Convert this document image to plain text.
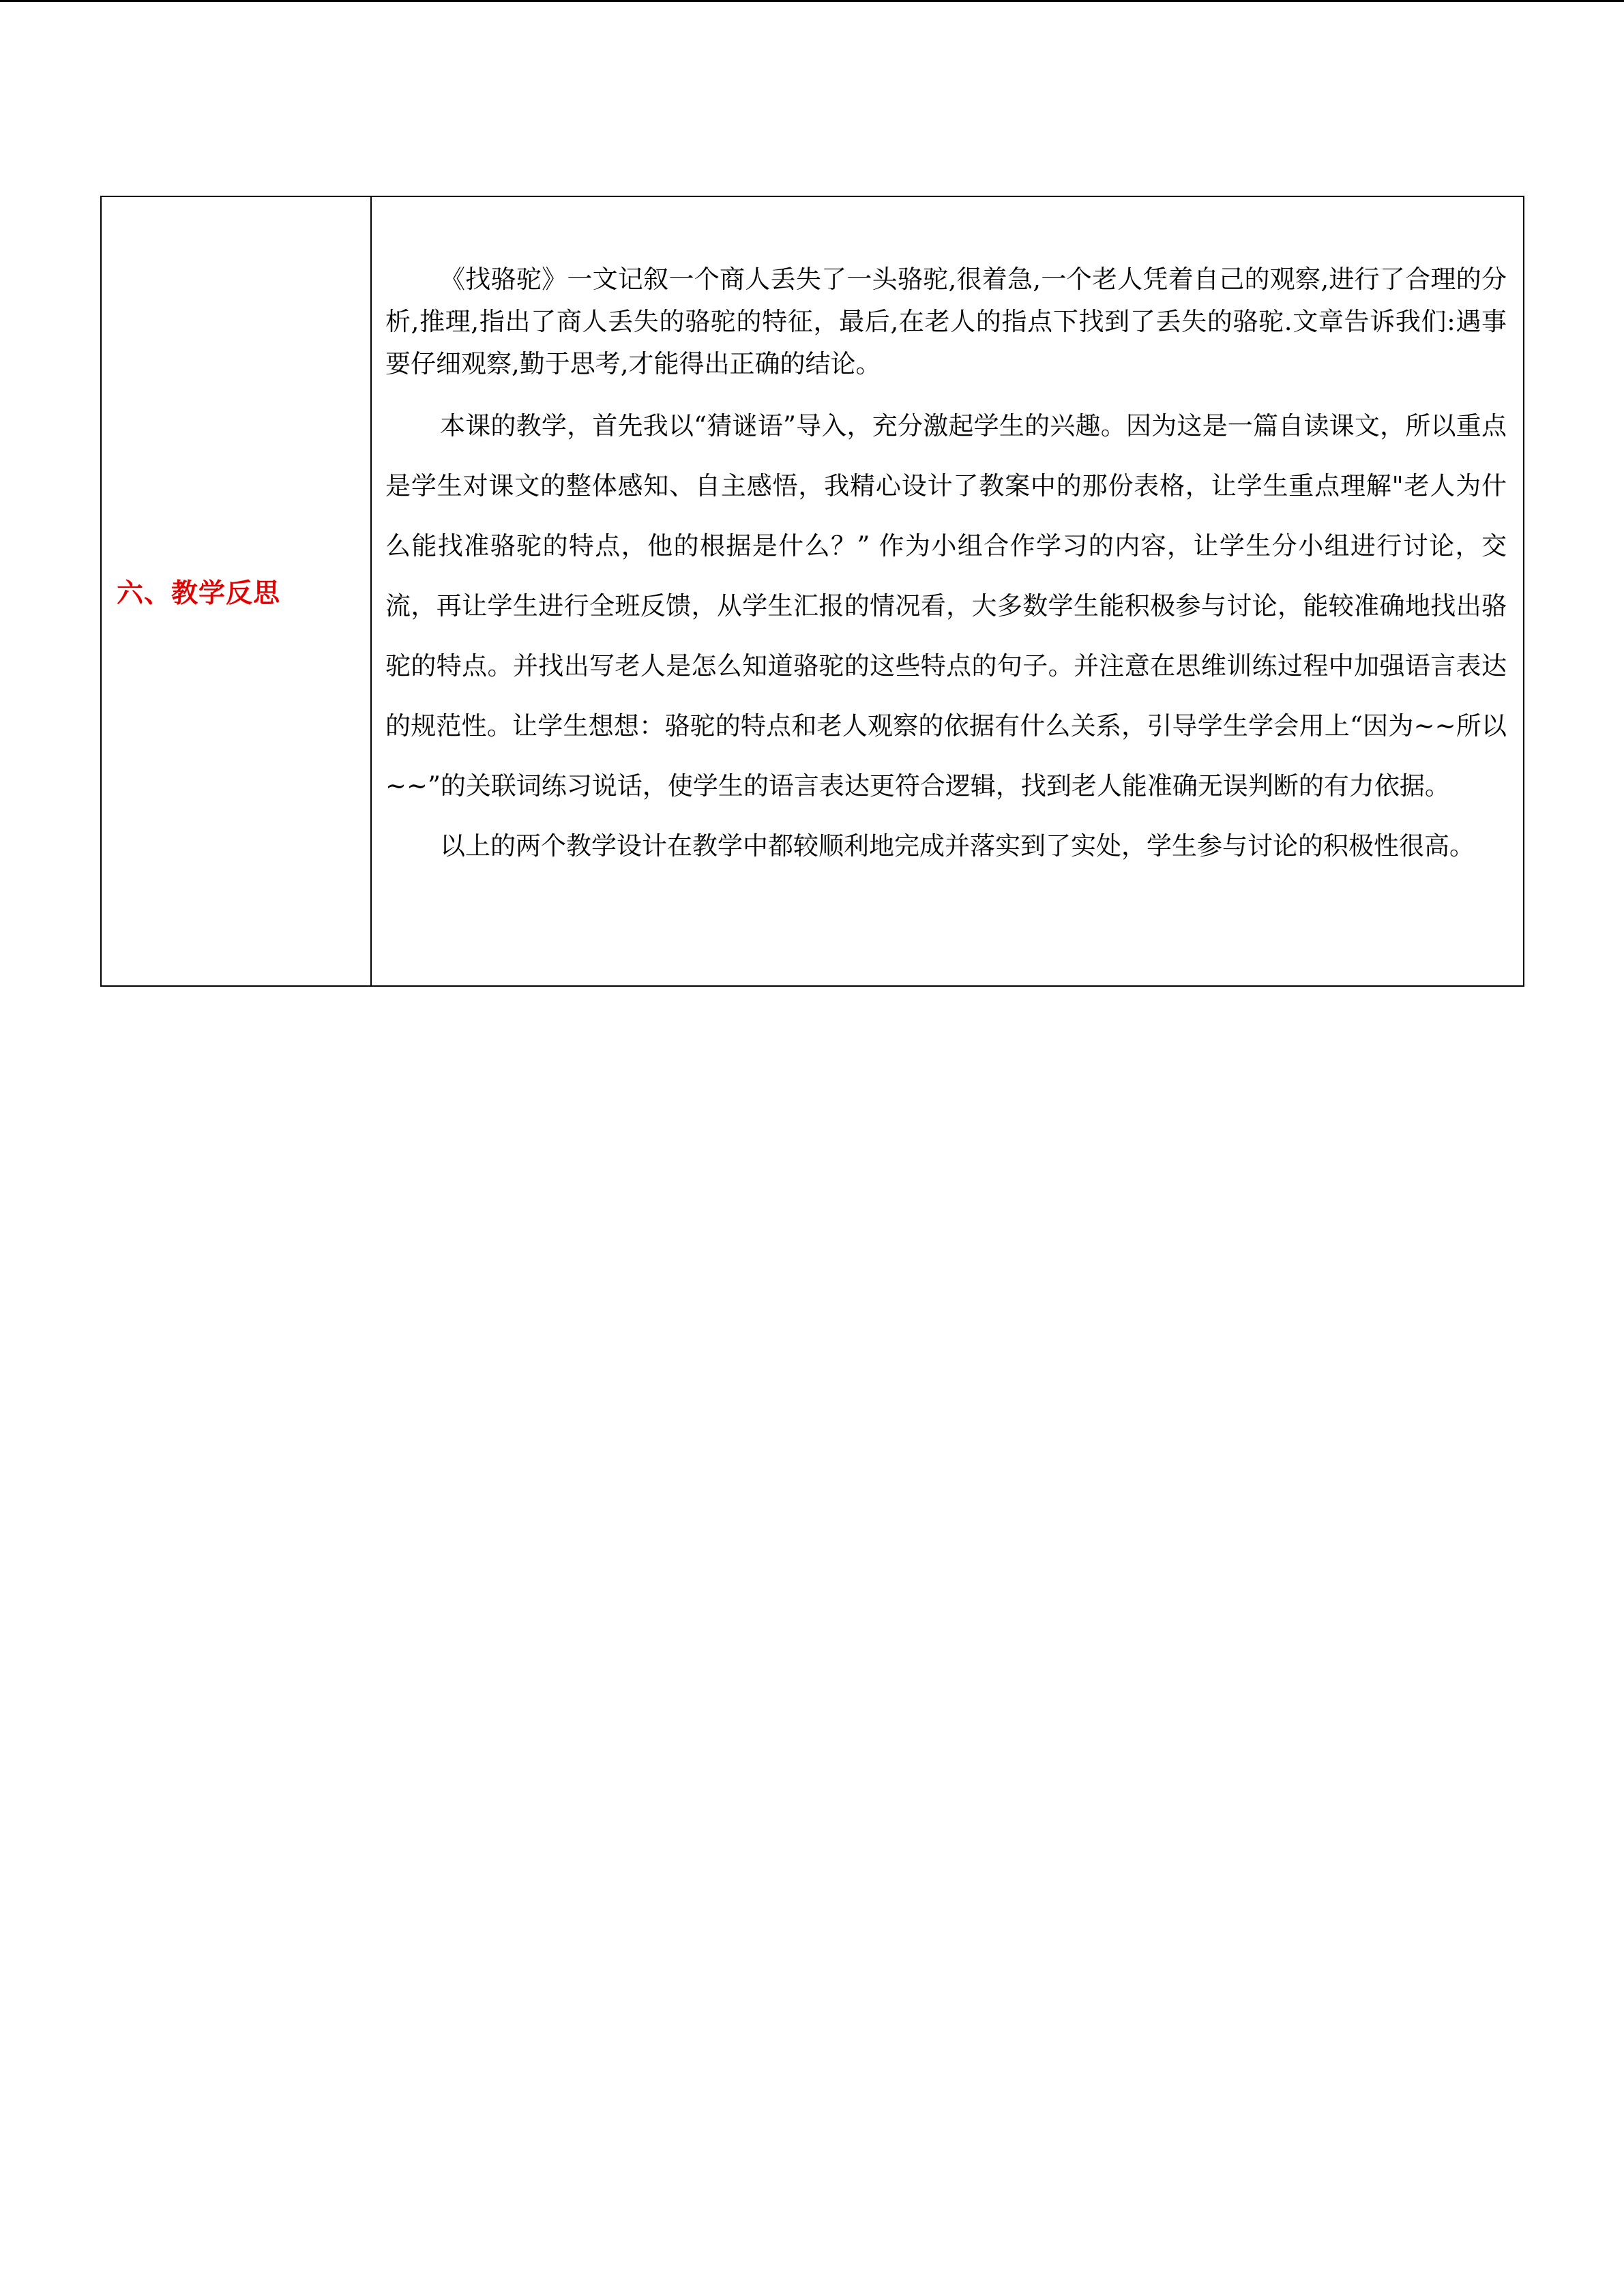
六、教学反思

《找骆驼》一文记叙一个商人丢失了一头骆驼,很着急,一个老人凭着自己的观察,进行了合理的分析,推理,指出了商人丢失的骆驼的特征，最后,在老人的指点下找到了丢失的骆驼.文章告诉我们:遇事要仔细观察,勤于思考,才能得出正确的结论。

本课的教学，首先我以“猜谜语”导入，充分激起学生的兴趣。因为这是一篇自读课文，所以重点是学生对课文的整体感知、自主感悟，我精心设计了教案中的那份表格，让学生重点理解"老人为什么能找准骆驼的特点，他的根据是什么？” 作为小组合作学习的内容，让学生分小组进行讨论，交流，再让学生进行全班反馈，从学生汇报的情况看，大多数学生能积极参与讨论，能较准确地找出骆驼的特点。并找出写老人是怎么知道骆驼的这些特点的句子。并注意在思维训练过程中加强语言表达的规范性。让学生想想：骆驼的特点和老人观察的依据有什么关系，引导学生学会用上“因为~~所以~~”的关联词练习说话，使学生的语言表达更符合逻辑，找到老人能准确无误判断的有力依据。

以上的两个教学设计在教学中都较顺利地完成并落实到了实处，学生参与讨论的积极性很高。
